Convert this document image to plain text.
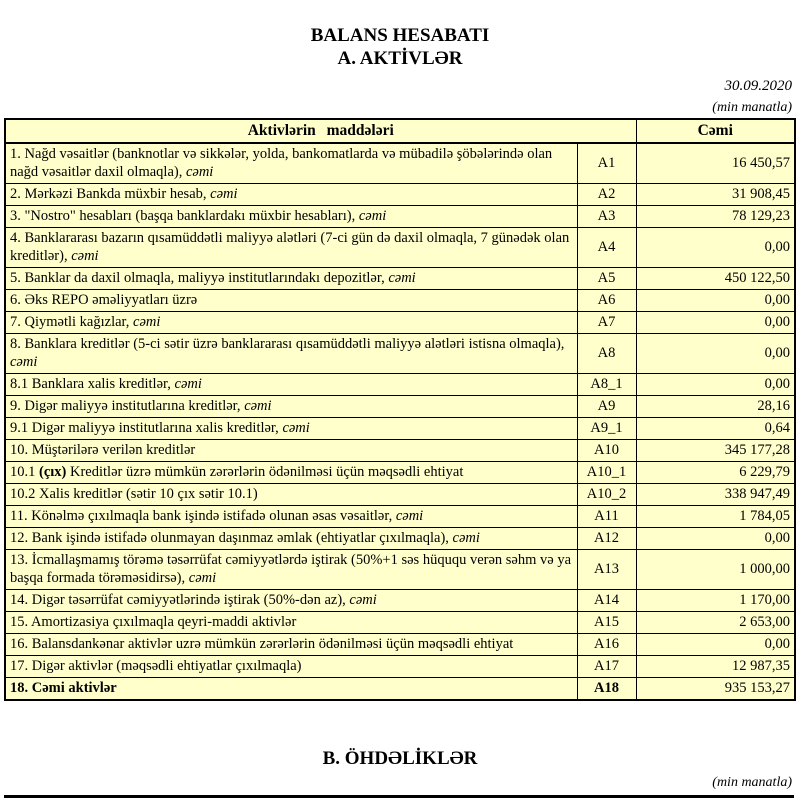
BALANS HESABATI
A. AKTİVLƏR
30.09.2020
(min manatla)
Aktivlərin maddələri		Cəmi
1. Nağd vəsaitlər (banknotlar və sikkələr, yolda, bankomatlarda və mübadilə şöbələrində olan nağd vəsaitlər daxil olmaqla), cəmi	A1	16 450,57
2. Mərkəzi Bankda müxbir hesab, cəmi	A2	31 908,45
3. "Nostro" hesabları (başqa banklardakı müxbir hesabları), cəmi	A3	78 129,23
4. Banklararası bazarın qısamüddətli maliyyə alətləri (7-ci gün də daxil olmaqla, 7 günədək olan kreditlər), cəmi	A4	0,00
5. Banklar da daxil olmaqla, maliyyə institutlarındakı depozitlər, cəmi	A5	450 122,50
6. Əks REPO əməliyyatları üzrə	A6	0,00
7. Qiymətli kağızlar, cəmi	A7	0,00
8. Banklara kreditlər (5-ci sətir üzrə banklararası qısamüddətli maliyyə alətləri istisna olmaqla), cəmi	A8	0,00
8.1 Banklara xalis kreditlər, cəmi	A8_1	0,00
9. Digər maliyyə institutlarına kreditlər, cəmi	A9	28,16
9.1 Digər maliyyə institutlarına xalis kreditlər, cəmi	A9_1	0,64
10. Müştərilərə verilən kreditlər	A10	345 177,28
10.1 (çıx) Kreditlər üzrə mümkün zərərlərin ödənilməsi üçün məqsədli ehtiyat	A10_1	6 229,79
10.2 Xalis kreditlər (sətir 10 çıx sətir 10.1)	A10_2	338 947,49
11. Könəlmə çıxılmaqla bank işində istifadə olunan əsas vəsaitlər, cəmi	A11	1 784,05
12. Bank işində istifadə olunmayan daşınmaz əmlak (ehtiyatlar çıxılmaqla), cəmi	A12	0,00
13. İcmallaşmamış törəmə təsərrüfat cəmiyyətlərdə iştirak (50%+1 səs hüququ verən səhm və ya başqa formada törəməsidirsə), cəmi	A13	1 000,00
14. Digər təsərrüfat cəmiyyətlərində iştirak (50%-dən az), cəmi	A14	1 170,00
15. Amortizasiya çıxılmaqla qeyri-maddi aktivlər	A15	2 653,00
16. Balansdankənar aktivlər uzrə mümkün zərərlərin ödənilməsi üçün məqsədli ehtiyat	A16	0,00
17. Digər aktivlər (məqsədli ehtiyatlar çıxılmaqla)	A17	12 987,35
18. Cəmi aktivlər	A18	935 153,27
B. ÖHDƏLİKLƏR
(min manatla)
